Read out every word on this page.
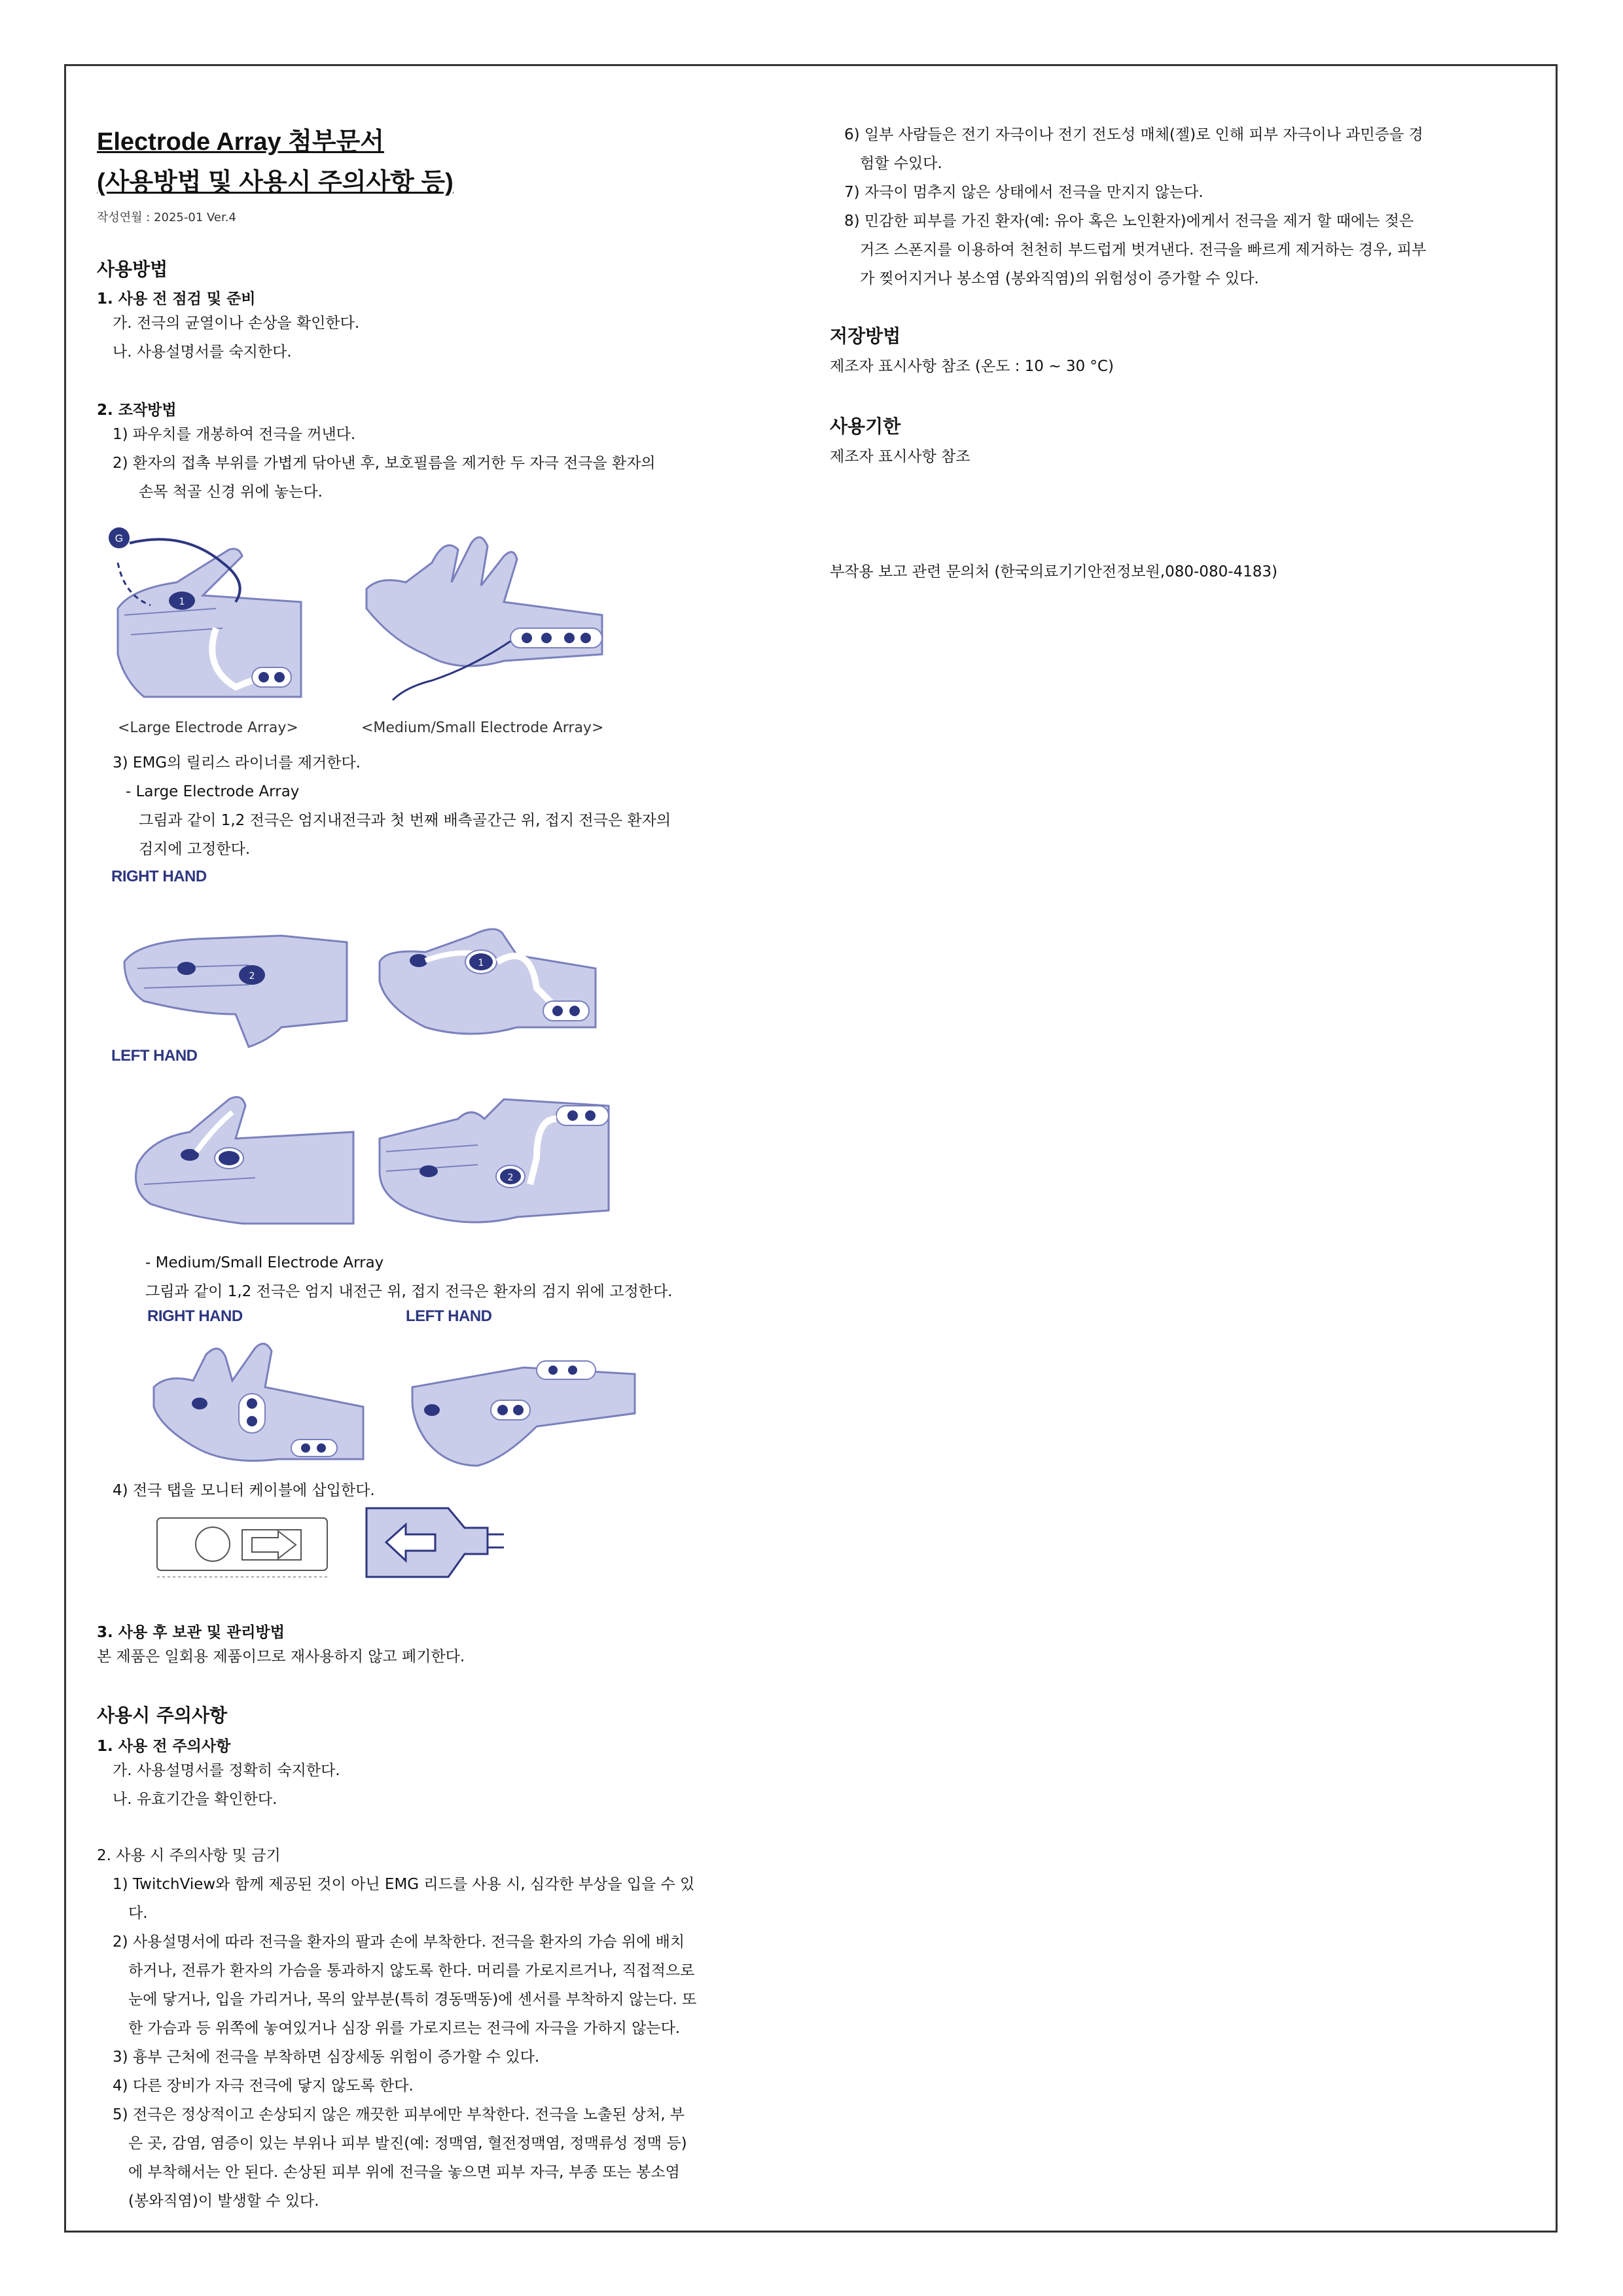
Electrode Array 첨부문서
(사용방법 및 사용시 주의사항 등)
작성연월 : 2025-01 Ver.4
사용방법
1. 사용 전 점검 및 준비
가. 전극의 균열이나 손상을 확인한다.
나. 사용설명서를 숙지한다.
2. 조작방법
1) 파우치를 개봉하여 전극을 꺼낸다.
2) 환자의 접촉 부위를 가볍게 닦아낸 후, 보호필름을 제거한 두 자극 전극을 환자의
손목 척골 신경 위에 놓는다.
G
1
<Large Electrode Array>	<Medium/Small Electrode Array>
3) EMG의 릴리스 라이너를 제거한다.
- Large Electrode Array
그림과 같이 1,2 전극은 엄지내전극과 첫 번째 배측골간근 위, 접지 전극은 환자의
검지에 고정한다.
RIGHT HAND
2
1
LEFT HAND
2
- Medium/Small Electrode Array
그림과 같이 1,2 전극은 엄지 내전근 위, 접지 전극은 환자의 검지 위에 고정한다.
RIGHT HAND	LEFT HAND
4) 전극 탭을 모니터 케이블에 삽입한다.
3. 사용 후 보관 및 관리방법
본 제품은 일회용 제품이므로 재사용하지 않고 폐기한다.
사용시 주의사항
1. 사용 전 주의사항
가. 사용설명서를 정확히 숙지한다.
나. 유효기간을 확인한다.
2. 사용 시 주의사항 및 금기
1) TwitchView와 함께 제공된 것이 아닌 EMG 리드를 사용 시, 심각한 부상을 입을 수 있
다.
2) 사용설명서에 따라 전극을 환자의 팔과 손에 부착한다. 전극을 환자의 가슴 위에 배치
하거나, 전류가 환자의 가슴을 통과하지 않도록 한다. 머리를 가로지르거나, 직접적으로
눈에 닿거나, 입을 가리거나, 목의 앞부분(특히 경동맥동)에 센서를 부착하지 않는다. 또
한 가슴과 등 위쪽에 놓여있거나 심장 위를 가로지르는 전극에 자극을 가하지 않는다.
3) 흉부 근처에 전극을 부착하면 심장세동 위험이 증가할 수 있다.
4) 다른 장비가 자극 전극에 닿지 않도록 한다.
5) 전극은 정상적이고 손상되지 않은 깨끗한 피부에만 부착한다. 전극을 노출된 상처, 부
은 곳, 감염, 염증이 있는 부위나 피부 발진(예: 정맥염, 혈전정맥염, 정맥류성 정맥 등)
에 부착해서는 안 된다. 손상된 피부 위에 전극을 놓으면 피부 자극, 부종 또는 봉소염
(봉와직염)이 발생할 수 있다.
6) 일부 사람들은 전기 자극이나 전기 전도성 매체(젤)로 인해 피부 자극이나 과민증을 경
험할 수있다.
7) 자극이 멈추지 않은 상태에서 전극을 만지지 않는다.
8) 민감한 피부를 가진 환자(예: 유아 혹은 노인환자)에게서 전극을 제거 할 때에는 젖은
거즈 스폰지를 이용하여 천천히 부드럽게 벗겨낸다. 전극을 빠르게 제거하는 경우, 피부
가 찢어지거나 봉소염 (봉와직염)의 위험성이 증가할 수 있다.
저장방법
제조자 표시사항 참조 (온도 : 10 ~ 30 °C)
사용기한
제조자 표시사항 참조
부작용 보고 관련 문의처 (한국의료기기안전정보원,080-080-4183)
